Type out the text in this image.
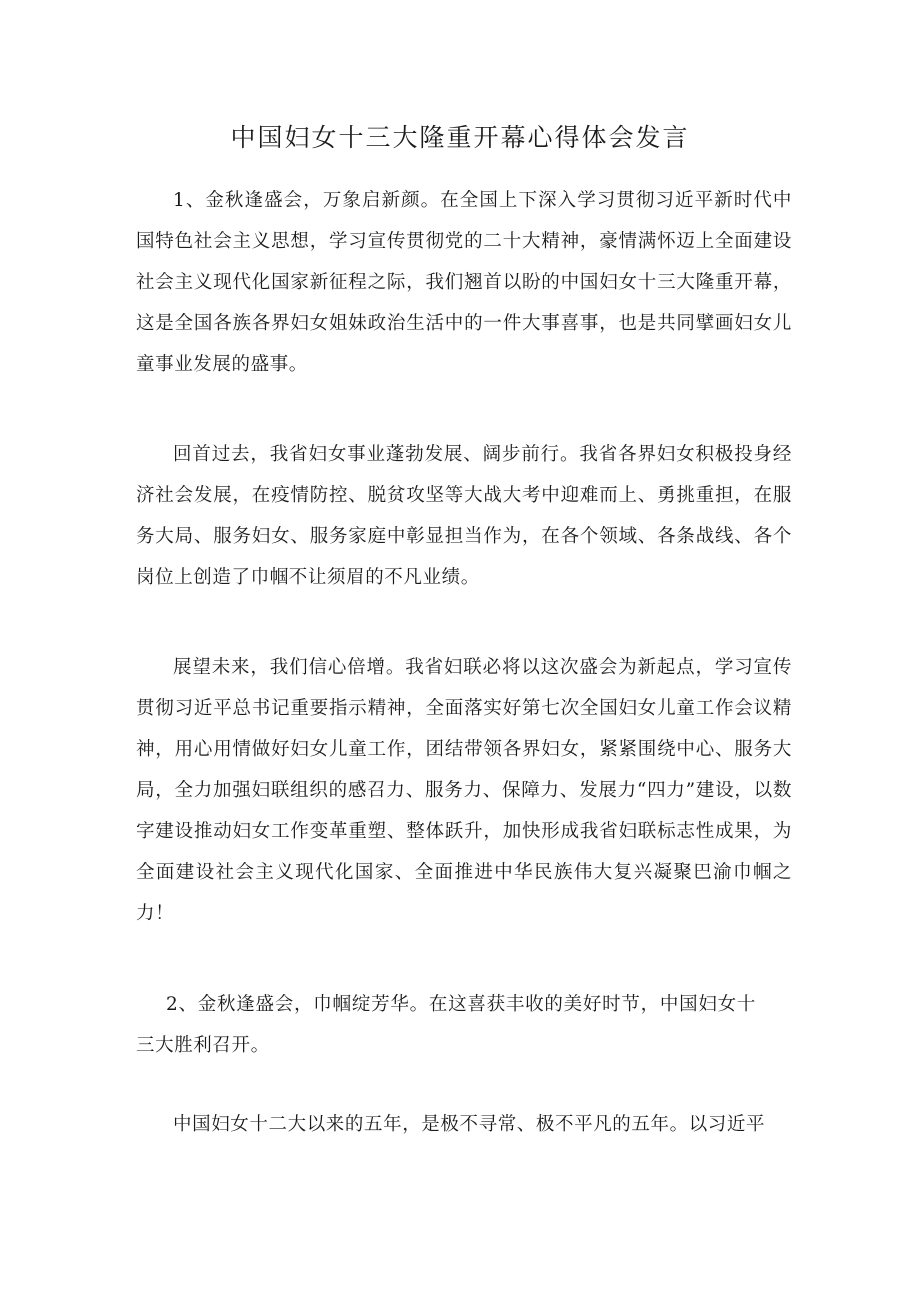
中国妇女十三大隆重开幕心得体会发言

1、金秋逢盛会，万象启新颜。在全国上下深入学习贯彻习近平新时代中国特色社会主义思想，学习宣传贯彻党的二十大精神，豪情满怀迈上全面建设社会主义现代化国家新征程之际，我们翘首以盼的中国妇女十三大隆重开幕，这是全国各族各界妇女姐妹政治生活中的一件大事喜事，也是共同擘画妇女儿童事业发展的盛事。

回首过去，我省妇女事业蓬勃发展、阔步前行。我省各界妇女积极投身经济社会发展，在疫情防控、脱贫攻坚等大战大考中迎难而上、勇挑重担，在服务大局、服务妇女、服务家庭中彰显担当作为，在各个领域、各条战线、各个岗位上创造了巾帼不让须眉的不凡业绩。

展望未来，我们信心倍增。我省妇联必将以这次盛会为新起点，学习宣传贯彻习近平总书记重要指示精神，全面落实好第七次全国妇女儿童工作会议精神，用心用情做好妇女儿童工作，团结带领各界妇女，紧紧围绕中心、服务大局，全力加强妇联组织的感召力、服务力、保障力、发展力“四力”建设，以数字建设推动妇女工作变革重塑、整体跃升，加快形成我省妇联标志性成果，为全面建设社会主义现代化国家、全面推进中华民族伟大复兴凝聚巴渝巾帼之力！

2、金秋逢盛会，巾帼绽芳华。在这喜获丰收的美好时节，中国妇女十三大胜利召开。

中国妇女十二大以来的五年，是极不寻常、极不平凡的五年。以习近平
